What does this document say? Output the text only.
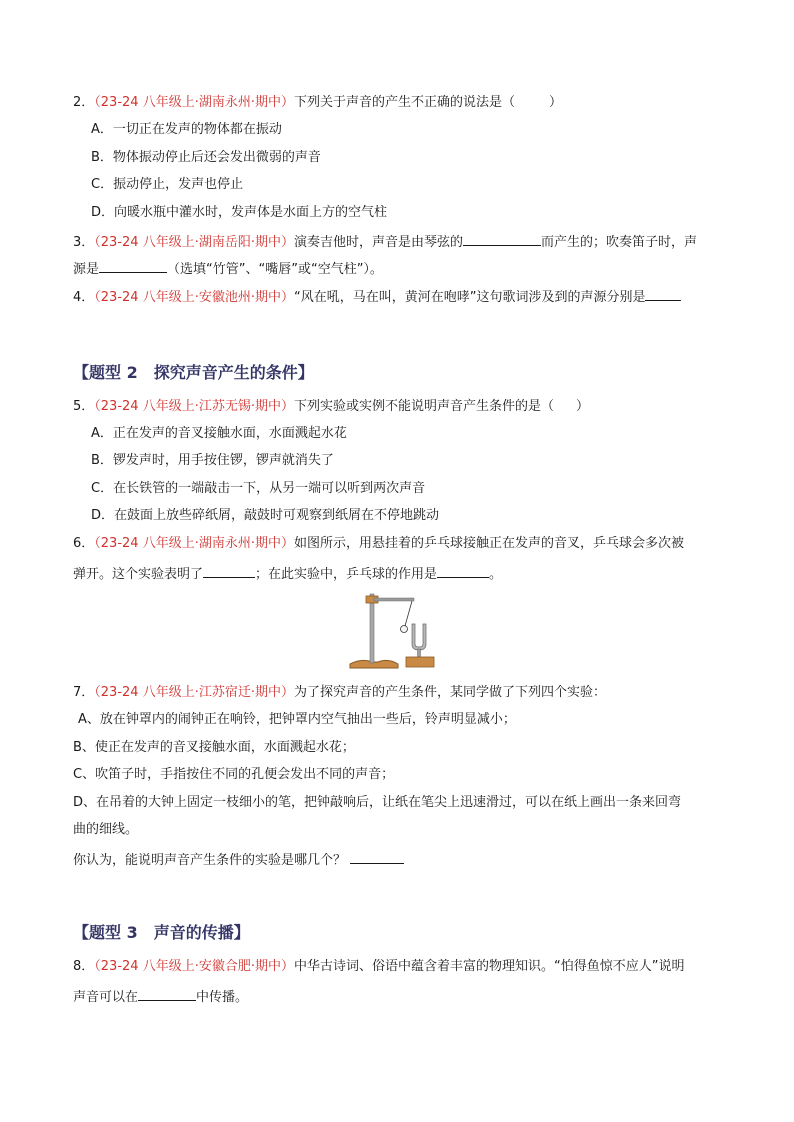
2．（23-24 八年级上·湖南永州·期中）下列关于声音的产生不正确的说法是（	）
A．一切正在发声的物体都在振动
B．物体振动停止后还会发出微弱的声音
C．振动停止，发声也停止
D．向暖水瓶中灌水时，发声体是水面上方的空气柱
3．（23-24 八年级上·湖南岳阳·期中）演奏吉他时，声音是由琴弦的	而产生的；吹奏笛子时，声
源是	（选填“竹管”、“嘴唇”或“空气柱”）。
4．（23-24 八年级上·安徽池州·期中）“风在吼，马在叫，黄河在咆哮”这句歌词涉及到的声源分别是
【题型 2　探究声音产生的条件】
5．（23-24 八年级上·江苏无锡·期中）下列实验或实例不能说明声音产生条件的是（ ）
A．正在发声的音叉接触水面，水面溅起水花
B．锣发声时，用手按住锣，锣声就消失了
C．在长铁管的一端敲击一下，从另一端可以听到两次声音
D．在鼓面上放些碎纸屑，敲鼓时可观察到纸屑在不停地跳动
6．（23-24 八年级上·湖南永州·期中）如图所示，用悬挂着的乒乓球接触正在发声的音叉，乒乓球会多次被
弹开。这个实验表明了	；在此实验中，乒乓球的作用是	。
7．（23-24 八年级上·江苏宿迁·期中）为了探究声音的产生条件，某同学做了下列四个实验：
A、放在钟罩内的闹钟正在响铃，把钟罩内空气抽出一些后，铃声明显减小；
B、使正在发声的音叉接触水面，水面溅起水花；
C、吹笛子时，手指按住不同的孔便会发出不同的声音；
D、在吊着的大钟上固定一枝细小的笔，把钟敲响后，让纸在笔尖上迅速滑过，可以在纸上画出一条来回弯
曲的细线。
你认为，能说明声音产生条件的实验是哪几个？
【题型 3　声音的传播】
8．（23-24 八年级上·安徽合肥·期中）中华古诗词、俗语中蕴含着丰富的物理知识。“怕得鱼惊不应人”说明
声音可以在	中传播。
